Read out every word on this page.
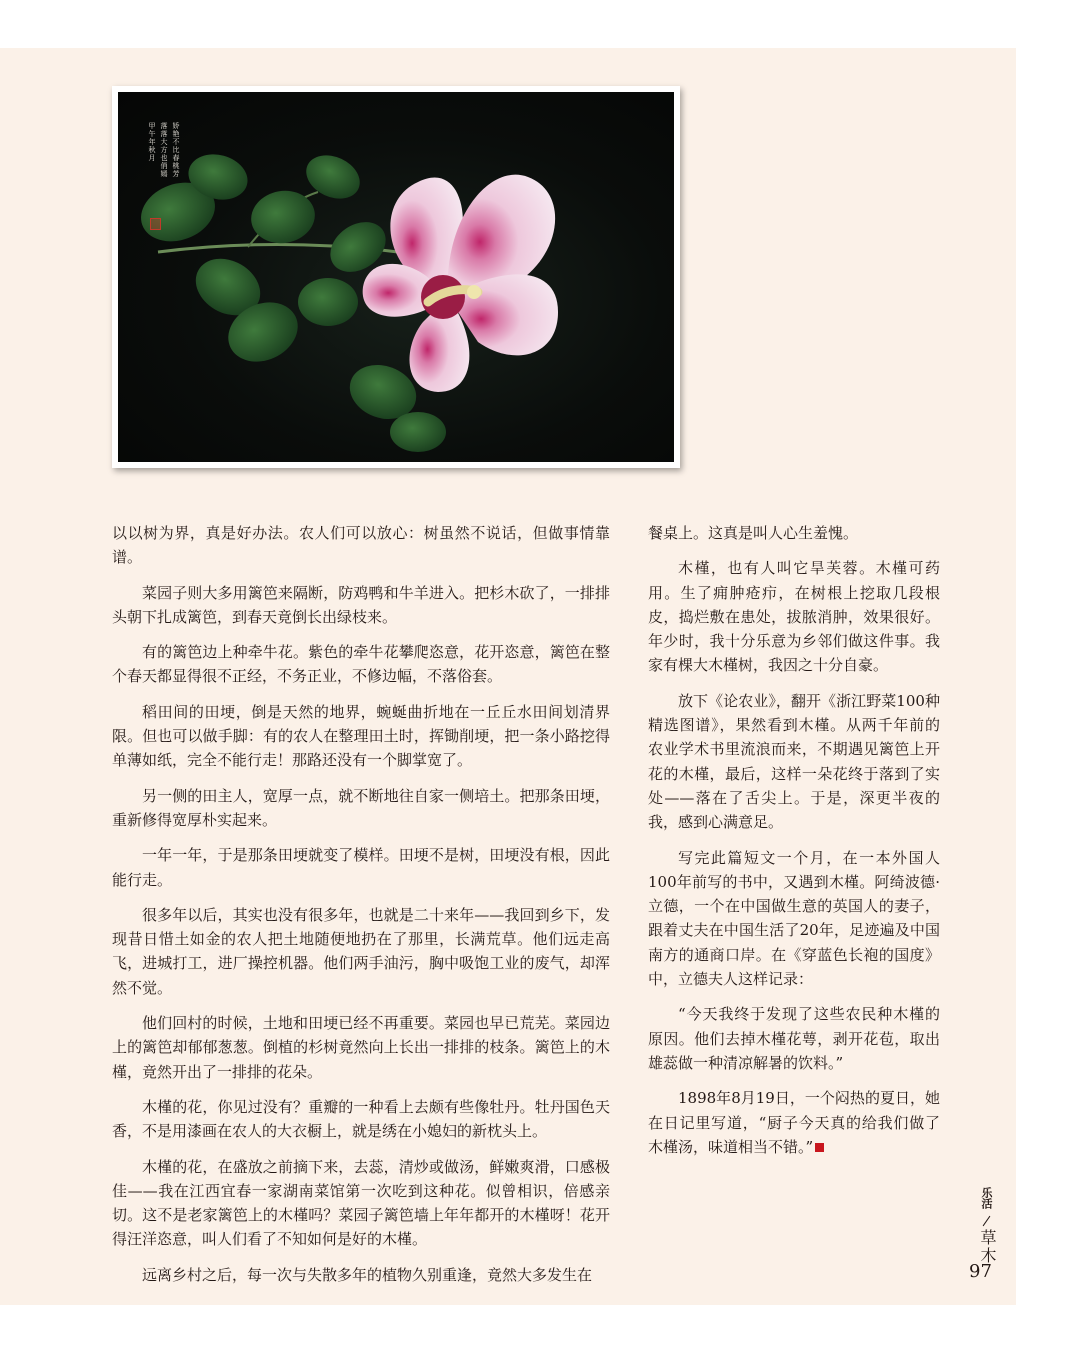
娇艳不比春桃芳
落落大方也俏嫣
甲午年秋月

以以树为界，真是好办法。农人们可以放心：树虽然不说话，但做事情靠谱。

菜园子则大多用篱笆来隔断，防鸡鸭和牛羊进入。把杉木砍了，一排排头朝下扎成篱笆，到春天竟倒长出绿枝来。

有的篱笆边上种牵牛花。紫色的牵牛花攀爬恣意，花开恣意，篱笆在整个春天都显得很不正经，不务正业，不修边幅，不落俗套。

稻田间的田埂，倒是天然的地界，蜿蜒曲折地在一丘丘水田间划清界限。但也可以做手脚：有的农人在整理田土时，挥锄削埂，把一条小路挖得单薄如纸，完全不能行走！那路还没有一个脚掌宽了。

另一侧的田主人，宽厚一点，就不断地往自家一侧培土。把那条田埂，重新修得宽厚朴实起来。

一年一年，于是那条田埂就变了模样。田埂不是树，田埂没有根，因此能行走。

很多年以后，其实也没有很多年，也就是二十来年——我回到乡下，发现昔日惜土如金的农人把土地随便地扔在了那里，长满荒草。他们远走高飞，进城打工，进厂操控机器。他们两手油污，胸中吸饱工业的废气，却浑然不觉。

他们回村的时候，土地和田埂已经不再重要。菜园也早已荒芜。菜园边上的篱笆却郁郁葱葱。倒植的杉树竟然向上长出一排排的枝条。篱笆上的木槿，竟然开出了一排排的花朵。

木槿的花，你见过没有？重瓣的一种看上去颇有些像牡丹。牡丹国色天香，不是用漆画在农人的大衣橱上，就是绣在小媳妇的新枕头上。

木槿的花，在盛放之前摘下来，去蕊，清炒或做汤，鲜嫩爽滑，口感极佳——我在江西宜春一家湖南菜馆第一次吃到这种花。似曾相识，倍感亲切。这不是老家篱笆上的木槿吗？菜园子篱笆墙上年年都开的木槿呀！花开得汪洋恣意，叫人们看了不知如何是好的木槿。

远离乡村之后，每一次与失散多年的植物久别重逢，竟然大多发生在

餐桌上。这真是叫人心生羞愧。

木槿，也有人叫它旱芙蓉。木槿可药用。生了痈肿疮疖，在树根上挖取几段根皮，捣烂敷在患处，拔脓消肿，效果很好。年少时，我十分乐意为乡邻们做这件事。我家有棵大木槿树，我因之十分自豪。

放下《论农业》，翻开《浙江野菜100种精选图谱》，果然看到木槿。从两千年前的农业学术书里流浪而来，不期遇见篱笆上开花的木槿，最后，这样一朵花终于落到了实处——落在了舌尖上。于是，深更半夜的我，感到心满意足。

写完此篇短文一个月，在一本外国人100年前写的书中，又遇到木槿。阿绮波德·立德，一个在中国做生意的英国人的妻子，跟着丈夫在中国生活了20年，足迹遍及中国南方的通商口岸。在《穿蓝色长袍的国度》中，立德夫人这样记录：

“今天我终于发现了这些农民种木槿的原因。他们去掉木槿花萼，剥开花苞，取出雄蕊做一种清凉解暑的饮料。”

1898年8月19日，一个闷热的夏日，她在日记里写道，“厨子今天真的给我们做了木槿汤，味道相当不错。”

乐活
草木
97
